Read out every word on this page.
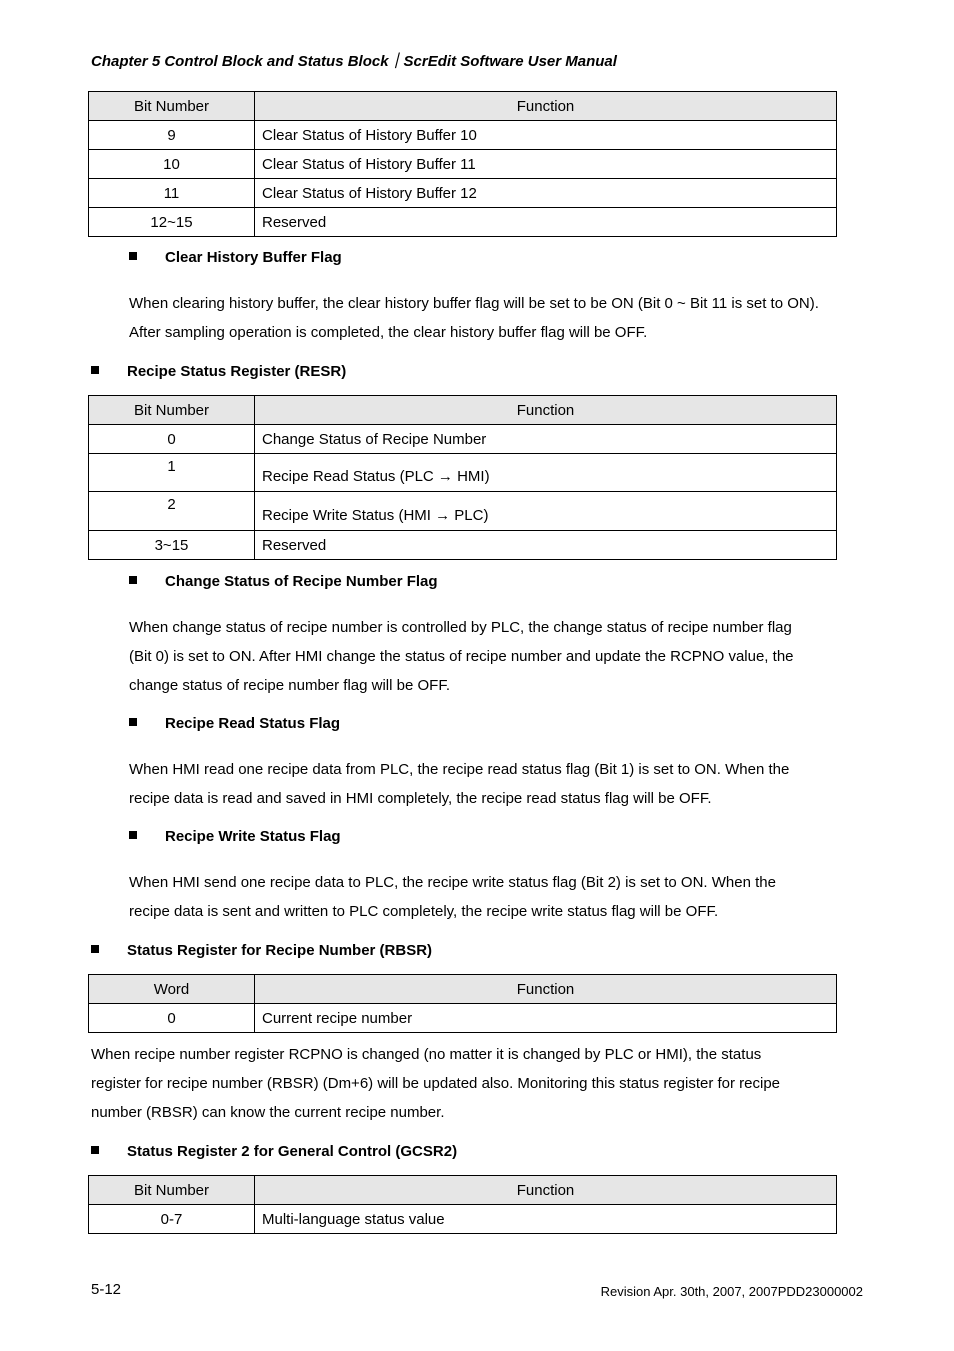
Chapter 5 Control Block and Status Block｜ScrEdit Software User Manual
Bit Number	Function
9	Clear Status of History Buffer 10
10	Clear Status of History Buffer 11
11	Clear Status of History Buffer 12
12~15	Reserved
Clear History Buffer Flag
When clearing history buffer, the clear history buffer flag will be set to be ON (Bit 0 ~ Bit 11 is set to ON).
After sampling operation is completed, the clear history buffer flag will be OFF.
Recipe Status Register (RESR)
Bit Number	Function
0	Change Status of Recipe Number
1	Recipe Read Status (PLC → HMI)
2	Recipe Write Status (HMI → PLC)
3~15	Reserved
Change Status of Recipe Number Flag
When change status of recipe number is controlled by PLC, the change status of recipe number flag
(Bit 0) is set to ON. After HMI change the status of recipe number and update the RCPNO value, the
change status of recipe number flag will be OFF.
Recipe Read Status Flag
When HMI read one recipe data from PLC, the recipe read status flag (Bit 1) is set to ON. When the
recipe data is read and saved in HMI completely, the recipe read status flag will be OFF.
Recipe Write Status Flag
When HMI send one recipe data to PLC, the recipe write status flag (Bit 2) is set to ON. When the
recipe data is sent and written to PLC completely, the recipe write status flag will be OFF.
Status Register for Recipe Number (RBSR)
Word	Function
0	Current recipe number
When recipe number register RCPNO is changed (no matter it is changed by PLC or HMI), the status
register for recipe number (RBSR) (Dm+6) will be updated also. Monitoring this status register for recipe
number (RBSR) can know the current recipe number.
Status Register 2 for General Control (GCSR2)
Bit Number	Function
0-7	Multi-language status value
5-12	Revision Apr. 30th, 2007, 2007PDD23000002
